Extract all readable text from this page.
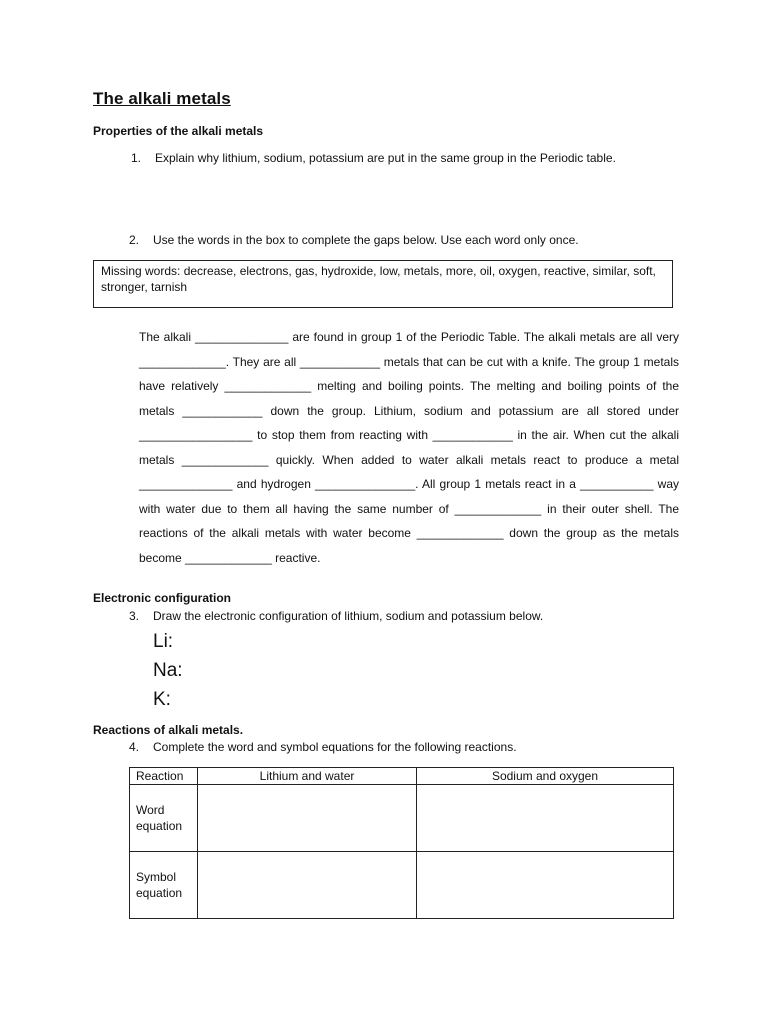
The alkali metals
Properties of the alkali metals

1.	Explain why lithium, sodium, potassium are put in the same group in the Periodic table.

2.	Use the words in the box to complete the gaps below. Use each word only once.

Missing words: decrease, electrons, gas, hydroxide, low, metals, more, oil, oxygen, reactive, similar, soft, stronger, tarnish

The alkali ______________ are found in group 1 of the Periodic Table. The alkali metals are all very _____________. They are all ____________ metals that can be cut with a knife. The group 1 metals have relatively _____________ melting and boiling points. The melting and boiling points of the metals ____________ down the group. Lithium, sodium and potassium are all stored under _________________ to stop them from reacting with ____________ in the air. When cut the alkali metals _____________ quickly. When added to water alkali metals react to produce a metal ______________ and hydrogen _______________. All group 1 metals react in a ___________ way with water due to them all having the same number of _____________ in their outer shell. The reactions of the alkali metals with water become _____________ down the group as the metals become _____________ reactive.

Electronic configuration

3.	Draw the electronic configuration of lithium, sodium and potassium below.

Li:
Na:
K:
Reactions of alkali metals.

4.	Complete the word and symbol equations for the following reactions.

Reaction	Lithium and water	Sodium and oxygen

Word
equation		

Symbol
equation		
